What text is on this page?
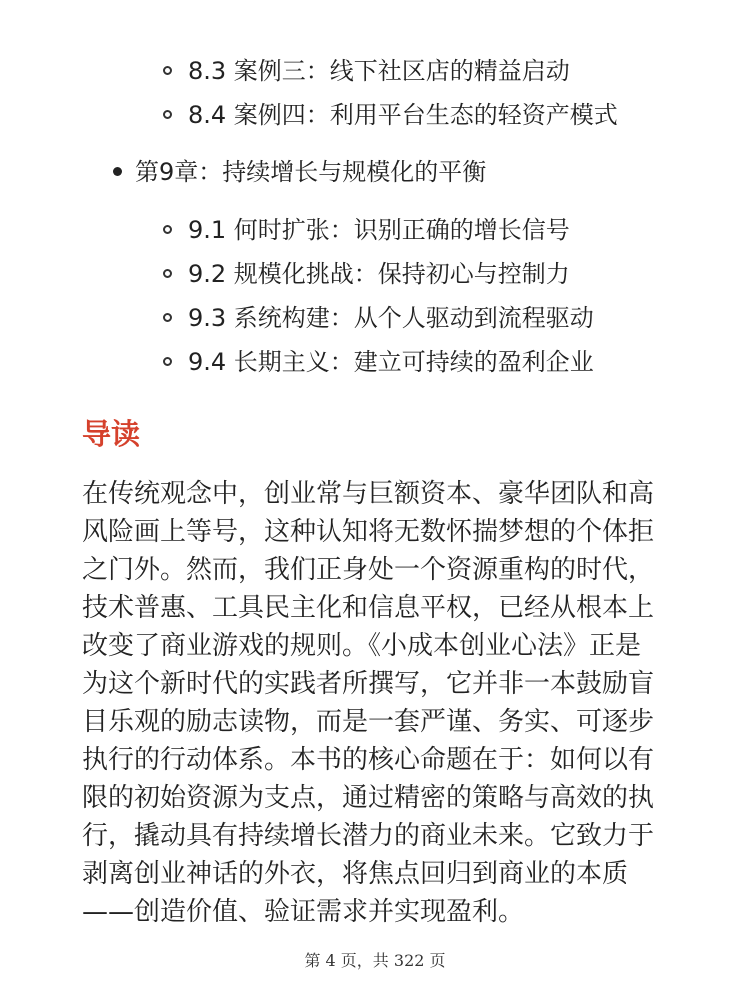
8.3 案例三：线下社区店的精益启动
8.4 案例四：利用平台生态的轻资产模式
第9章：持续增长与规模化的平衡
9.1 何时扩张：识别正确的增长信号
9.2 规模化挑战：保持初心与控制力
9.3 系统构建：从个人驱动到流程驱动
9.4 长期主义：建立可持续的盈利企业
导读
在传统观念中，创业常与巨额资本、豪华团队和高
风险画上等号，这种认知将无数怀揣梦想的个体拒
之门外。然而，我们正身处一个资源重构的时代，
技术普惠、工具民主化和信息平权，已经从根本上
改变了商业游戏的规则。《小成本创业心法》正是
为这个新时代的实践者所撰写，它并非一本鼓励盲
目乐观的励志读物，而是一套严谨、务实、可逐步
执行的行动体系。本书的核心命题在于：如何以有
限的初始资源为支点，通过精密的策略与高效的执
行，撬动具有持续增长潜力的商业未来。它致力于
剥离创业神话的外衣，将焦点回归到商业的本质
——创造价值、验证需求并实现盈利。
第 4 页，共 322 页
